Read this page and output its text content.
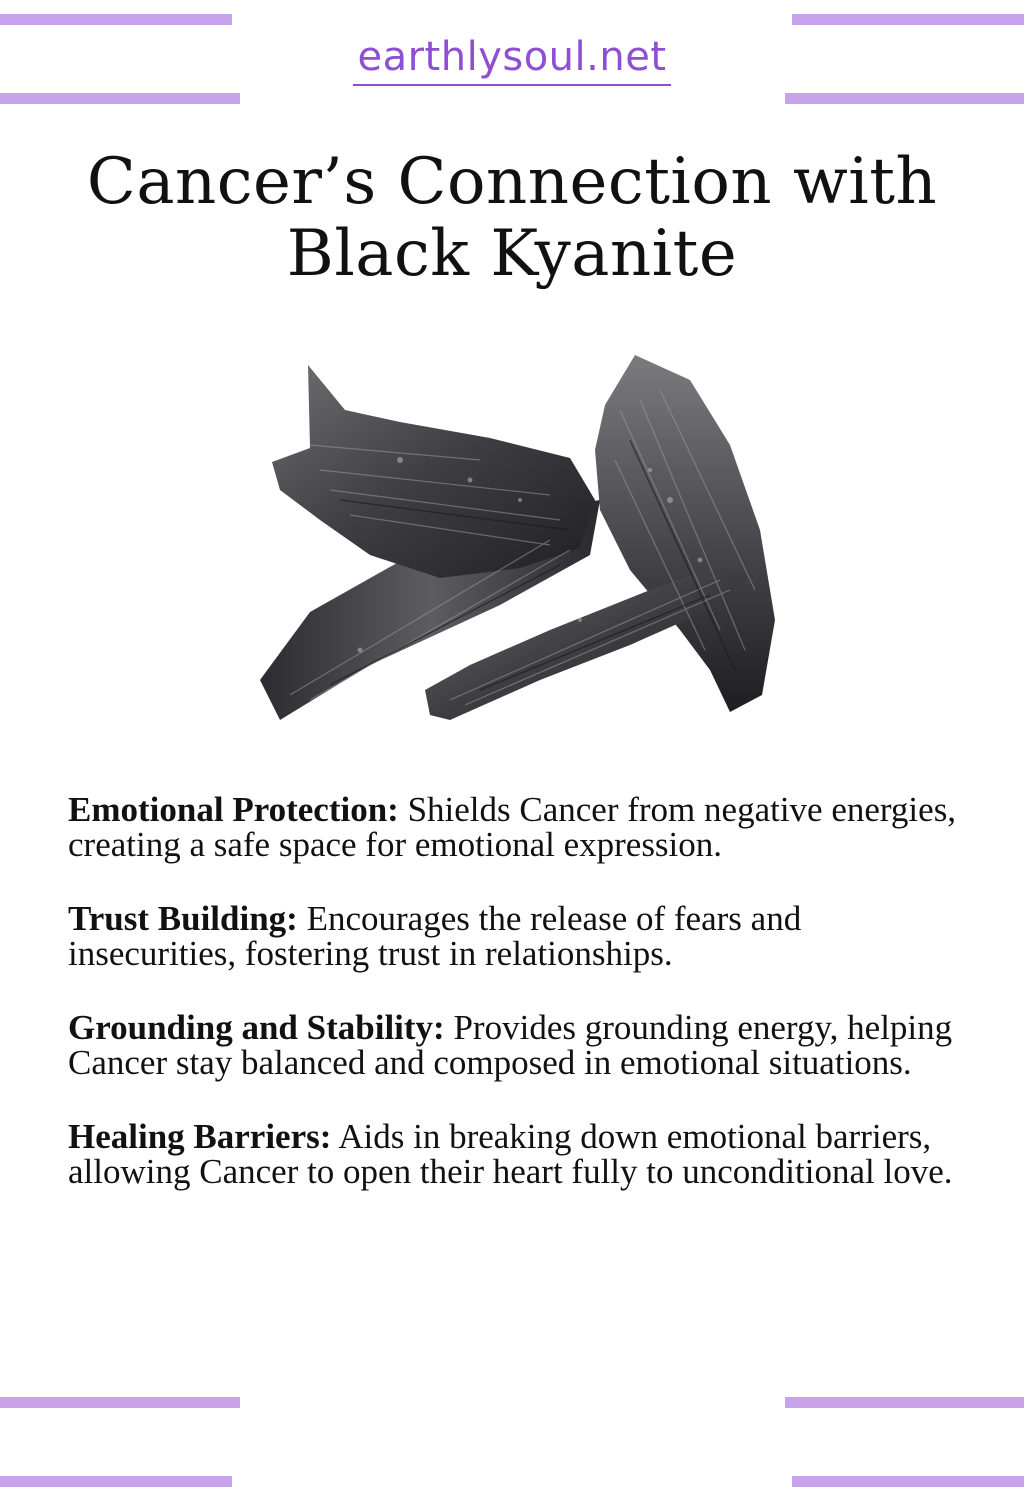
earthlysoul.net
Cancer’s Connection with
Black Kyanite

Emotional Protection: Shields Cancer from negative energies, creating a safe space for emotional expression.

Trust Building: Encourages the release of fears and insecurities, fostering trust in relationships.

Grounding and Stability: Provides grounding energy, helping Cancer stay balanced and composed in emotional situations.

Healing Barriers: Aids in breaking down emotional barriers, allowing Cancer to open their heart fully to unconditional love.
